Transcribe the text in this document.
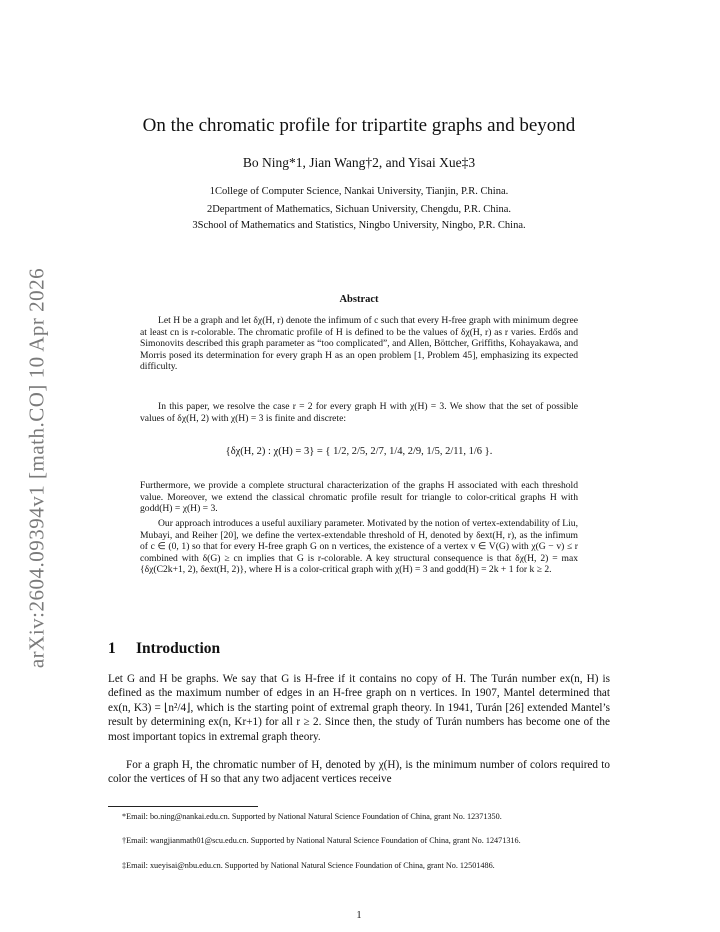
arXiv:2604.09394v1 [math.CO] 10 Apr 2026
On the chromatic profile for tripartite graphs and beyond
Bo Ning*1, Jian Wang†2, and Yisai Xue‡3
1College of Computer Science, Nankai University, Tianjin, P.R. China.
2Department of Mathematics, Sichuan University, Chengdu, P.R. China.
3School of Mathematics and Statistics, Ningbo University, Ningbo, P.R. China.
Abstract
Let H be a graph and let δχ(H, r) denote the infimum of c such that every H-free graph with minimum degree at least cn is r-colorable. The chromatic profile of H is defined to be the values of δχ(H, r) as r varies. Erdős and Simonovits described this graph parameter as “too complicated”, and Allen, Böttcher, Griffiths, Kohayakawa, and Morris posed its determination for every graph H as an open problem [1, Problem 45], emphasizing its expected difficulty.
In this paper, we resolve the case r = 2 for every graph H with χ(H) = 3. We show that the set of possible values of δχ(H, 2) with χ(H) = 3 is finite and discrete:
{δχ(H, 2) : χ(H) = 3} = { 1/2, 2/5, 2/7, 1/4, 2/9, 1/5, 2/11, 1/6 }.
Furthermore, we provide a complete structural characterization of the graphs H associated with each threshold value. Moreover, we extend the classical chromatic profile result for triangle to color-critical graphs H with godd(H) = χ(H) = 3.
Our approach introduces a useful auxiliary parameter. Motivated by the notion of vertex-extendability of Liu, Mubayi, and Reiher [20], we define the vertex-extendable threshold of H, denoted by δext(H, r), as the infimum of c ∈ (0, 1) so that for every H-free graph G on n vertices, the existence of a vertex v ∈ V(G) with χ(G − v) ≤ r combined with δ(G) ≥ cn implies that G is r-colorable. A key structural consequence is that δχ(H, 2) = max {δχ(C2k+1, 2), δext(H, 2)}, where H is a color-critical graph with χ(H) = 3 and godd(H) = 2k + 1 for k ≥ 2.
1 Introduction
Let G and H be graphs. We say that G is H-free if it contains no copy of H. The Turán number ex(n, H) is defined as the maximum number of edges in an H-free graph on n vertices. In 1907, Mantel determined that ex(n, K3) = ⌊n²/4⌋, which is the starting point of extremal graph theory. In 1941, Turán [26] extended Mantel’s result by determining ex(n, Kr+1) for all r ≥ 2. Since then, the study of Turán numbers has become one of the most important topics in extremal graph theory.
For a graph H, the chromatic number of H, denoted by χ(H), is the minimum number of colors required to color the vertices of H so that any two adjacent vertices receive
*Email: bo.ning@nankai.edu.cn. Supported by National Natural Science Foundation of China, grant No. 12371350.
†Email: wangjianmath01@scu.edu.cn. Supported by National Natural Science Foundation of China, grant No. 12471316.
‡Email: xueyisai@nbu.edu.cn. Supported by National Natural Science Foundation of China, grant No. 12501486.
1
